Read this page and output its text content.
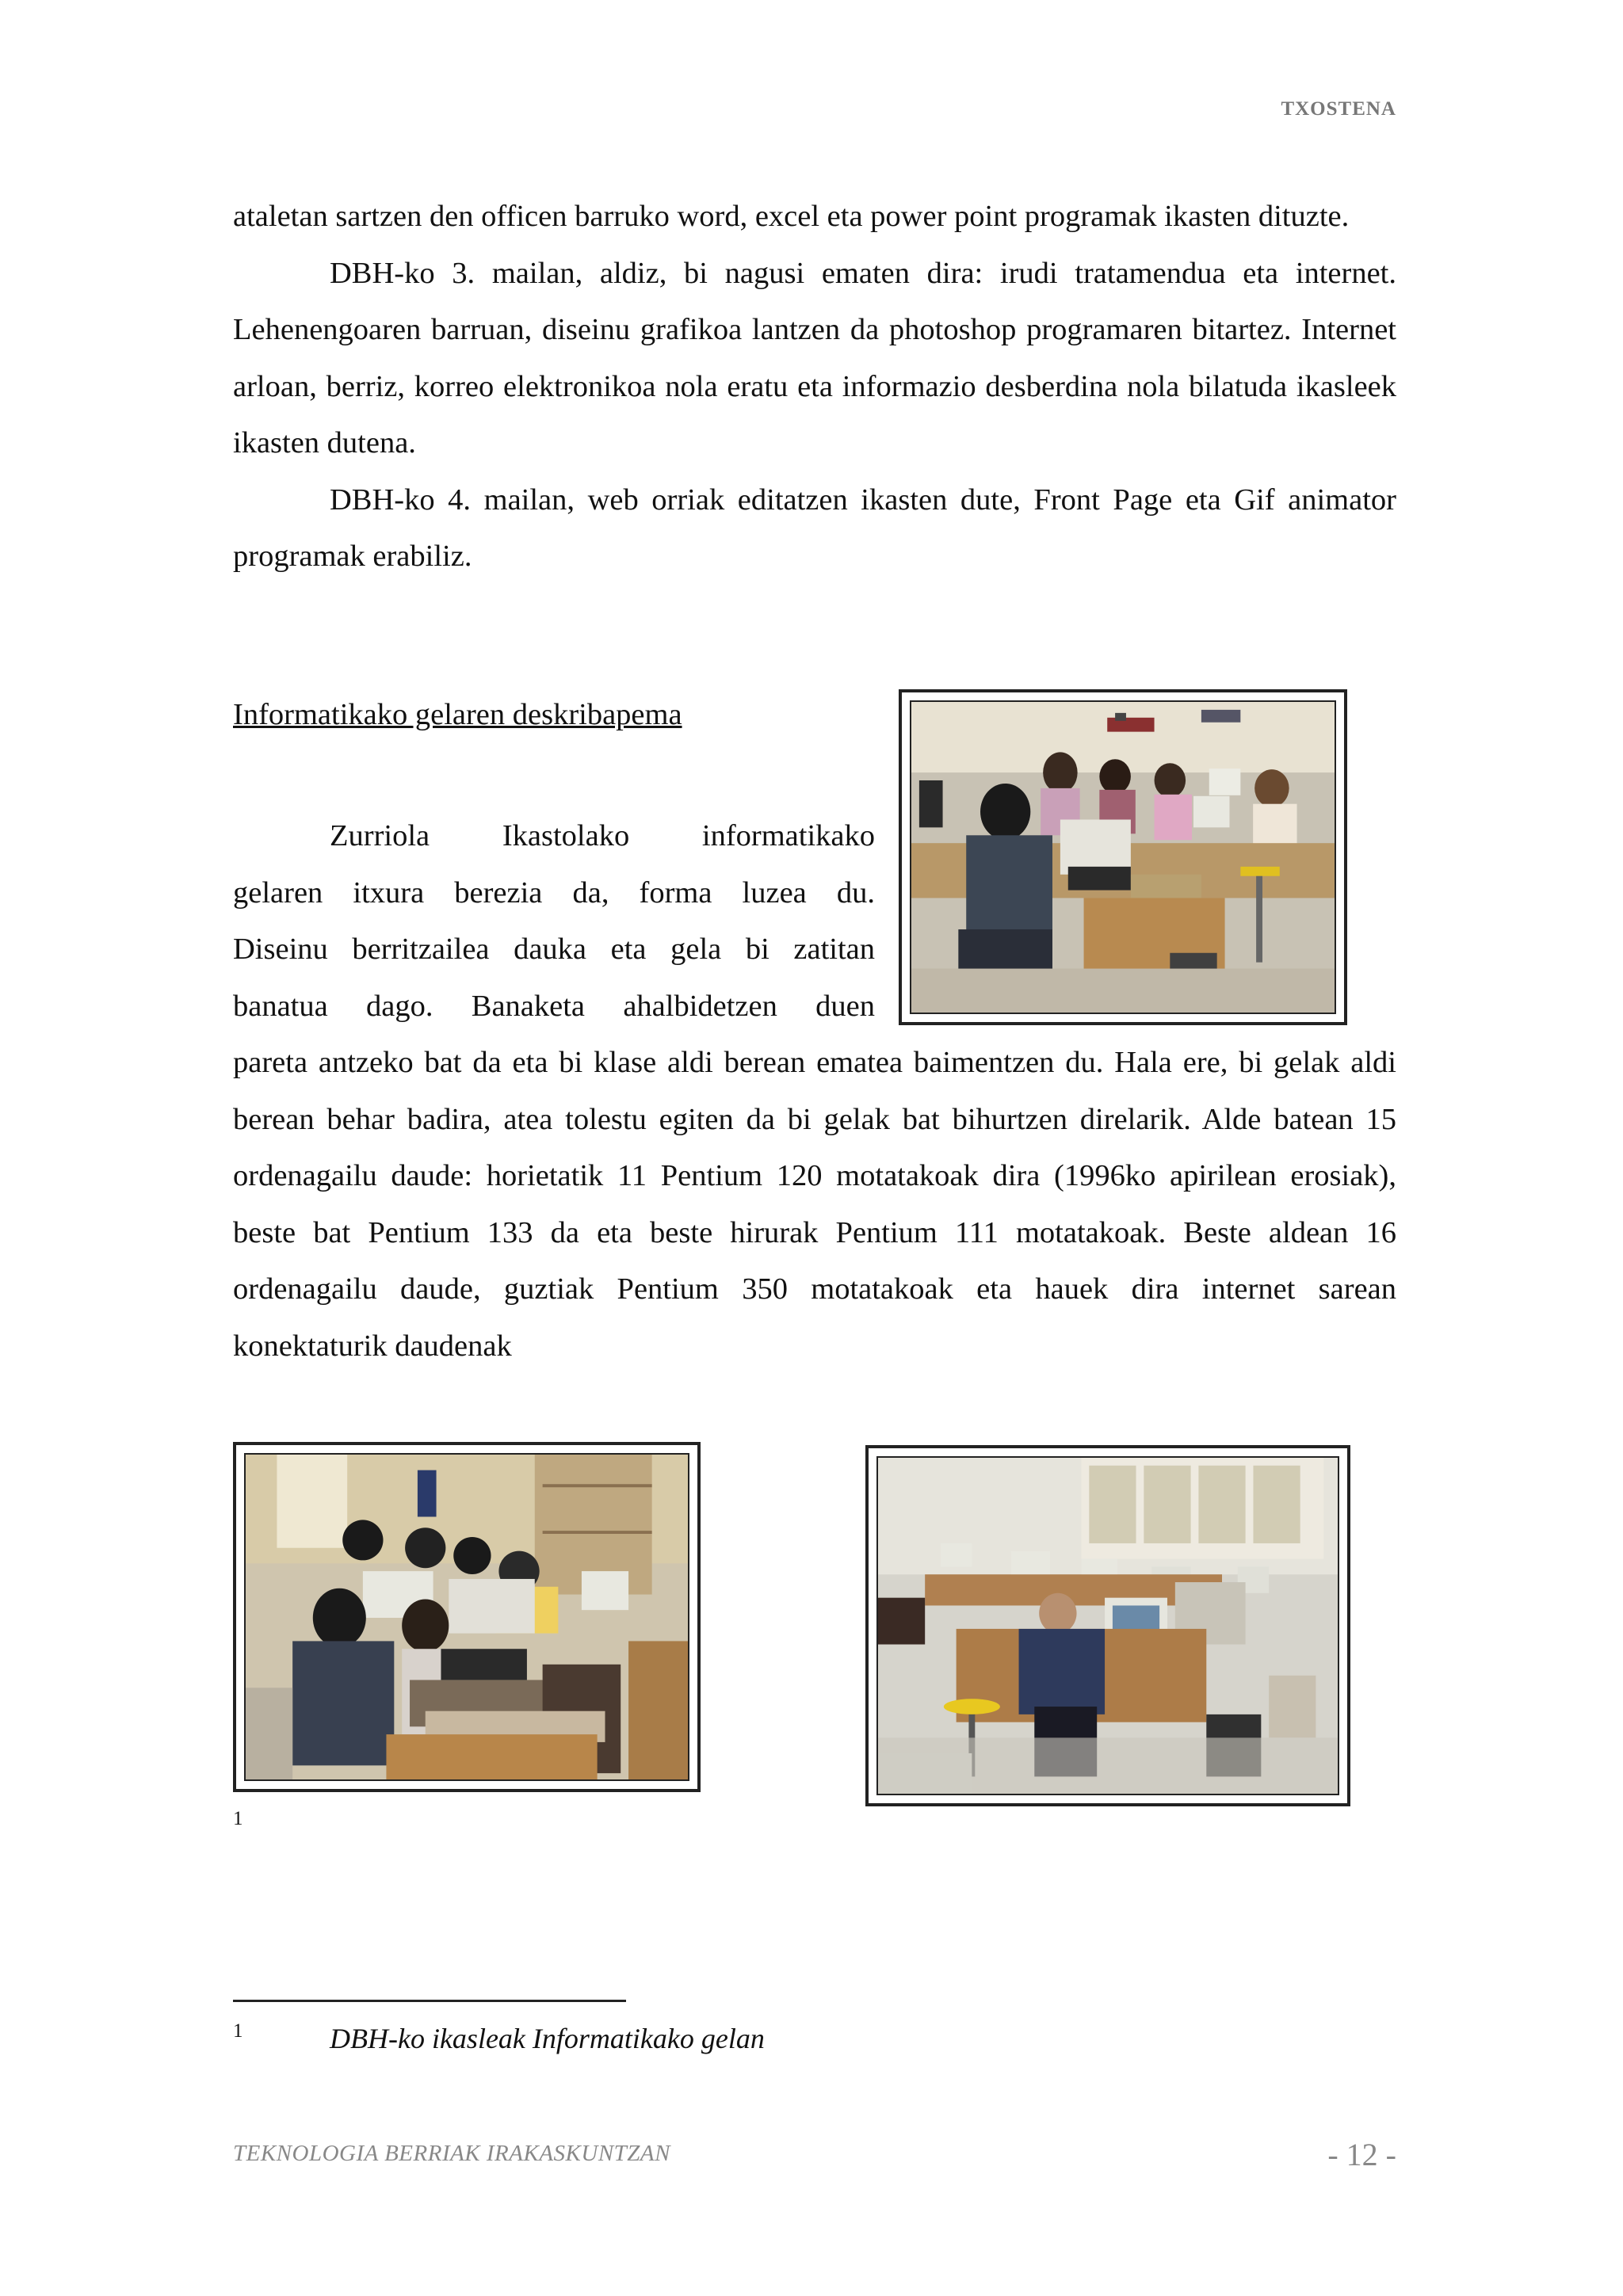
TXOSTENA

ataletan sartzen den officen barruko word, excel eta power point programak ikasten dituzte.

DBH-ko 3. mailan, aldiz, bi nagusi ematen dira: irudi tratamendua eta internet. Lehenengoaren barruan, diseinu grafikoa lantzen da photoshop programaren bitartez. Internet arloan, berriz, korreo elektronikoa nola eratu eta informazio desberdina nola bilatuda ikasleek ikasten dutena.

DBH-ko 4. mailan, web orriak editatzen ikasten dute, Front Page eta Gif animator programak erabiliz.

Informatikako gelaren deskribapema

Zurriola Ikastolako informatikako

gelaren itxura berezia da, forma luzea du.

Diseinu berritzailea dauka eta gela bi zatitan

banatua dago. Banaketa ahalbidetzen duen

pareta antzeko bat da eta bi klase aldi berean ematea baimentzen du. Hala ere, bi gelak aldi berean behar badira, atea tolestu egiten da bi gelak bat bihurtzen direlarik. Alde batean 15 ordenagailu daude: horietatik 11 Pentium 120 motatakoak dira (1996ko apirilean erosiak), beste bat Pentium 133 da eta beste hirurak Pentium 111 motatakoak. Beste aldean 16 ordenagailu daude, guztiak Pentium 350 motatakoak eta hauek dira internet sarean konektaturik daudenak
1
1	DBH-ko ikasleak Informatikako gelan
TEKNOLOGIA BERRIAK IRAKASKUNTZAN	- 12 -
